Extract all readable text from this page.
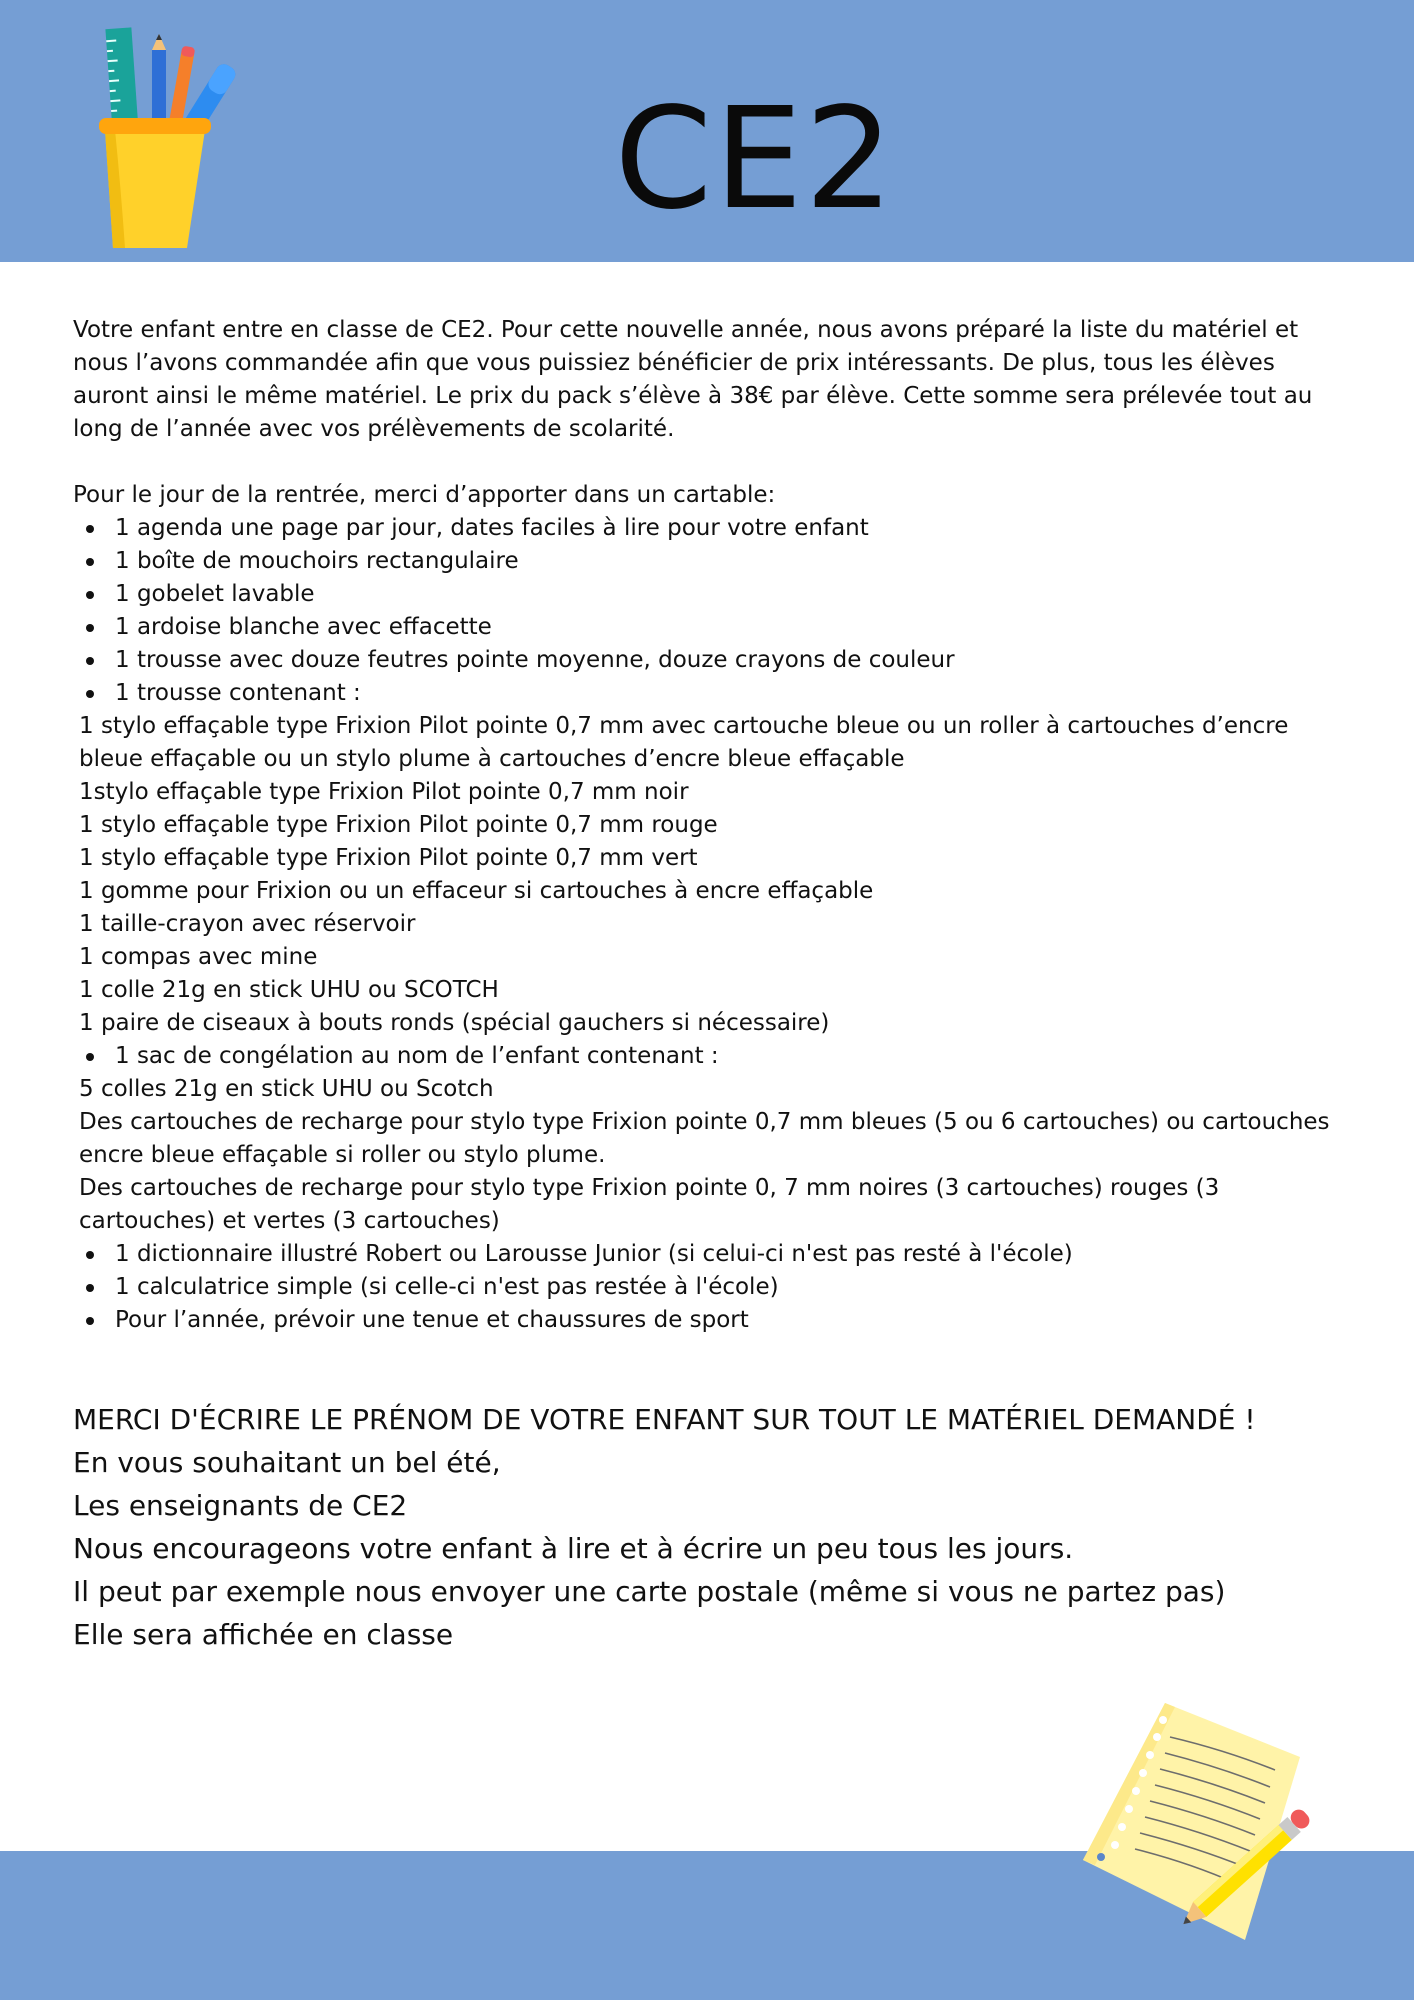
CE2

Votre enfant entre en classe de CE2. Pour cette nouvelle année, nous avons préparé la liste du matériel et nous l’avons commandée afin que vous puissiez bénéficier de prix intéressants. De plus, tous les élèves auront ainsi le même matériel. Le prix du pack s’élève à 38€ par élève. Cette somme sera prélevée tout au long de l’année avec vos prélèvements de scolarité.

Pour le jour de la rentrée, merci d’apporter dans un cartable:

1 agenda une page par jour, dates faciles à lire pour votre enfant

1 boîte de mouchoirs rectangulaire

1 gobelet lavable

1 ardoise blanche avec effacette

1 trousse avec douze feutres pointe moyenne, douze crayons de couleur

1 trousse contenant :

1 stylo effaçable type Frixion Pilot pointe 0,7 mm avec cartouche bleue ou un roller à cartouches d’encre bleue effaçable ou un stylo plume à cartouches d’encre bleue effaçable

1stylo effaçable type Frixion Pilot pointe 0,7 mm noir

1 stylo effaçable type Frixion Pilot pointe 0,7 mm rouge

1 stylo effaçable type Frixion Pilot pointe 0,7 mm vert

1 gomme pour Frixion ou un effaceur si cartouches à encre effaçable

1 taille-crayon avec réservoir

1 compas avec mine

1 colle 21g en stick UHU ou SCOTCH

1 paire de ciseaux à bouts ronds (spécial gauchers si nécessaire)

1 sac de congélation au nom de l’enfant contenant :

5 colles 21g en stick UHU ou Scotch

Des cartouches de recharge pour stylo type Frixion pointe 0,7 mm bleues (5 ou 6 cartouches) ou cartouches encre bleue effaçable si roller ou stylo plume.

Des cartouches de recharge pour stylo type Frixion pointe 0, 7 mm noires (3 cartouches) rouges (3 cartouches) et vertes (3 cartouches)

1 dictionnaire illustré Robert ou Larousse Junior (si celui-ci n'est pas resté à l'école)

1 calculatrice simple (si celle-ci n'est pas restée à l'école)

Pour l’année, prévoir une tenue et chaussures de sport

MERCI D'ÉCRIRE LE PRÉNOM DE VOTRE ENFANT SUR TOUT LE MATÉRIEL DEMANDÉ !

En vous souhaitant un bel été,

Les enseignants de CE2

Nous encourageons votre enfant à lire et à écrire un peu tous les jours.

Il peut par exemple nous envoyer une carte postale (même si vous ne partez pas)

Elle sera affichée en classe
